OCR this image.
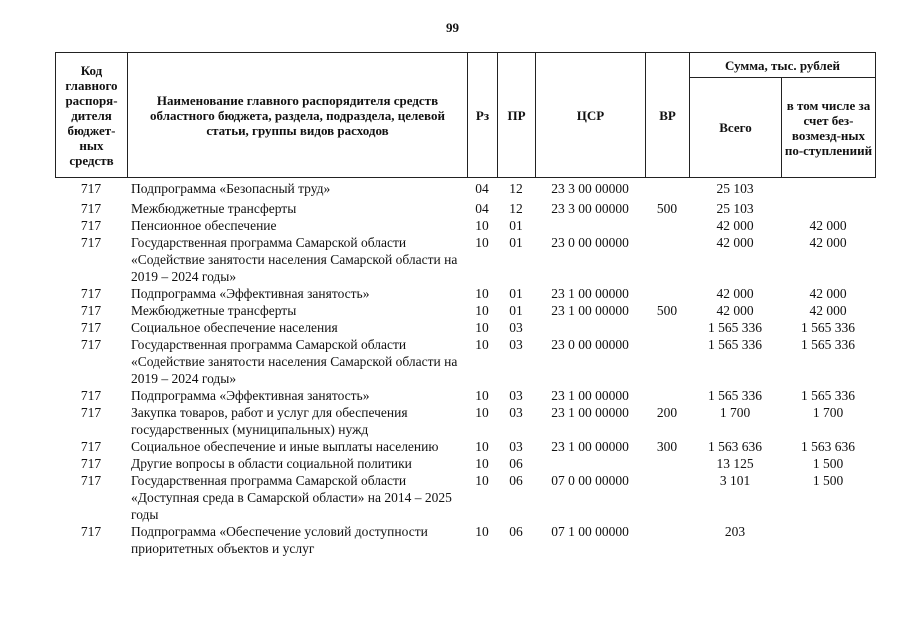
99
Код главного распоря-дителя бюджет-ных средств	Наименование главного распорядителя средств областного бюджета, раздела, подраздела, целевой статьи, группы видов расходов	Рз	ПР	ЦСР	ВР	Сумма, тыс. рублей	
						Всего	в том числе за счет без-возмезд-ных по-ступлениий
717	Подпрограмма «Безопасный труд»	04	12	23 3 00 00000		25 103	
717	Межбюджетные трансферты	04	12	23 3 00 00000	500	25 103	
717	Пенсионное обеспечение	10	01			42 000	42 000
717	Государственная программа Самарской области «Содействие занятости населения Самарской области на 2019 – 2024 годы»	10	01	23 0 00 00000		42 000	42 000
717	Подпрограмма «Эффективная занятость»	10	01	23 1 00 00000		42 000	42 000
717	Межбюджетные трансферты	10	01	23 1 00 00000	500	42 000	42 000
717	Социальное обеспечение населения	10	03			1 565 336	1 565 336
717	Государственная программа Самарской области «Содействие занятости населения Самарской области на 2019 – 2024 годы»	10	03	23 0 00 00000		1 565 336	1 565 336
717	Подпрограмма «Эффективная занятость»	10	03	23 1 00 00000		1 565 336	1 565 336
717	Закупка товаров, работ и услуг для обеспечения государственных (муниципальных) нужд	10	03	23 1 00 00000	200	1 700	1 700
717	Социальное обеспечение и иные выплаты населению	10	03	23 1 00 00000	300	1 563 636	1 563 636
717	Другие вопросы в области социальной политики	10	06			13 125	1 500
717	Государственная программа Самарской области «Доступная среда в Самарской области» на 2014 – 2025 годы	10	06	07 0 00 00000		3 101	1 500
717	Подпрограмма «Обеспечение условий доступности приоритетных объектов и услуг	10	06	07 1 00 00000		203	
